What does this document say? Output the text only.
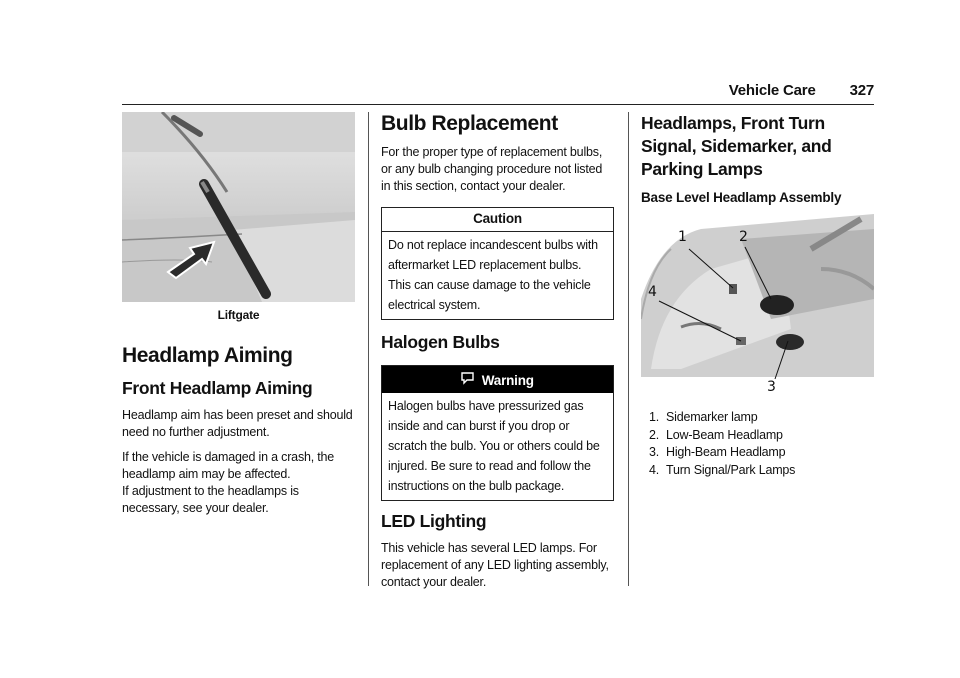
Vehicle Care 327
Liftgate
Headlamp Aiming
Front Headlamp Aiming

Headlamp aim has been preset and should need no further adjustment.

If the vehicle is damaged in a crash, the headlamp aim may be affected.

If adjustment to the headlamps is necessary, see your dealer.

Bulb Replacement

For the proper type of replacement bulbs, or any bulb changing procedure not listed in this section, contact your dealer.

Caution
Do not replace incandescent bulbs with aftermarket LED replacement bulbs. This can cause damage to the vehicle electrical system.
Halogen Bulbs
Warning
Halogen bulbs have pressurized gas inside and can burst if you drop or scratch the bulb. You or others could be injured. Be sure to read and follow the instructions on the bulb package.
LED Lighting

This vehicle has several LED lamps. For replacement of any LED lighting assembly, contact your dealer.

Headlamps, Front Turn Signal, Sidemarker, and Parking Lamps
Base Level Headlamp Assembly
1	2
4
3
1. Sidemarker lamp
2. Low-Beam Headlamp
3. High-Beam Headlamp
4. Turn Signal/Park Lamps
